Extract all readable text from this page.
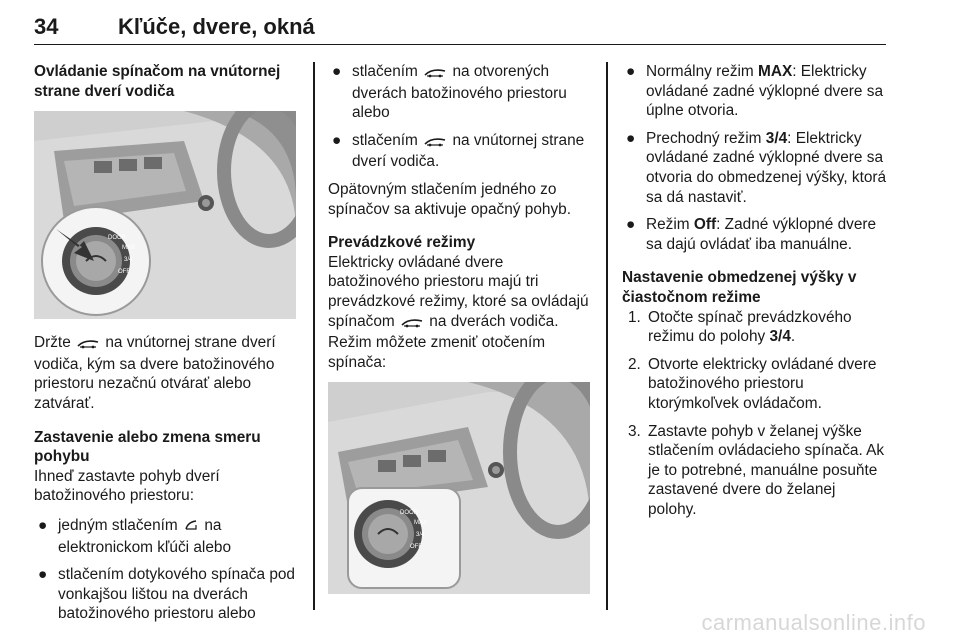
34	Kľúče, dvere, okná

Ovládanie spínačom na vnútornej strane dverí vodiča

DOOR
MAX
3/4
OFF

Držte na vnútornej strane dverí vodiča, kým sa dvere batožinového priestoru nezačnú otvárať alebo zatvárať.

Zastavenie alebo zmena smeru pohybu

Ihneď zastavte pohyb dverí batožinového priestoru:

● jedným stlačením na elektronickom kľúči alebo
● stlačením dotykového spínača pod vonkajšou lištou na dverách batožinového priestoru alebo
● stlačením na otvorených dverách batožinového priestoru alebo
● stlačením na vnútornej strane dverí vodiča.

Opätovným stlačením jedného zo spínačov sa aktivuje opačný pohyb.

Prevádzkové režimy

Elektricky ovládané dvere batožinového priestoru majú tri prevádzkové režimy, ktoré sa ovládajú spínačom na dverách vodiča. Režim môžete zmeniť otočením spínača:

DOOR
MAX
3/4
OFF
● Normálny režim MAX: Elektricky ovládané zadné výklopné dvere sa úplne otvoria.
● Prechodný režim 3/4: Elektricky ovládané zadné výklopné dvere sa otvoria do obmedzenej výšky, ktorá sa dá nastaviť.
● Režim Off: Zadné výklopné dvere sa dajú ovládať iba manuálne.

Nastavenie obmedzenej výšky v čiastočnom režime

1. Otočte spínač prevádzkového režimu do polohy 3/4.
2. Otvorte elektricky ovládané dvere batožinového priestoru ktorýmkoľvek ovládačom.
3. Zastavte pohyb v želanej výške stlačením ovládacieho spínača. Ak je to potrebné, manuálne posuňte zastavené dvere do želanej polohy.
carmanualsonline.info
